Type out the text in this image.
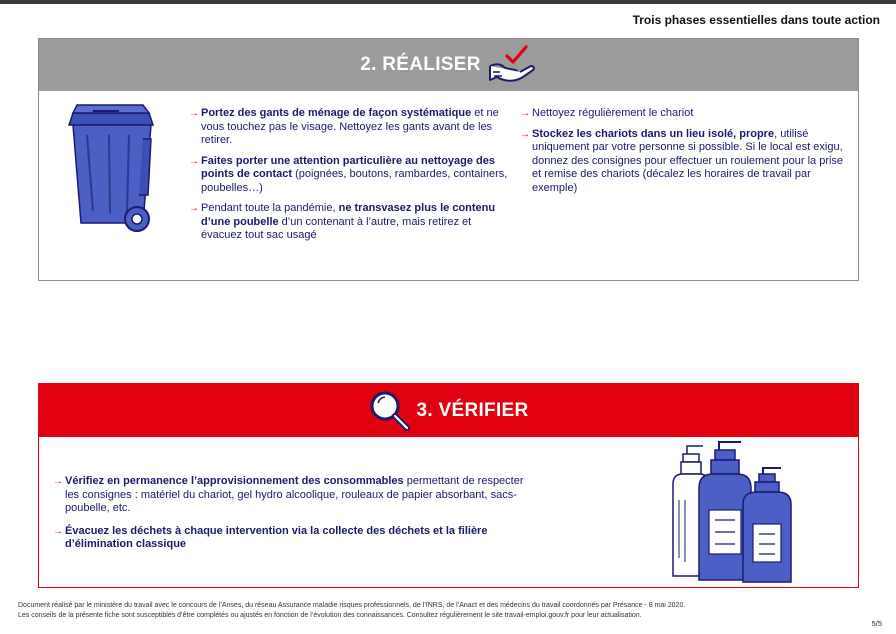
Trois phases essentielles dans toute action
2. RÉALISER
→ Portez des gants de ménage de façon systématique et ne vous touchez pas le visage. Nettoyez les gants avant de les retirer.
→ Faites porter une attention particulière au nettoyage des points de contact (poignées, boutons, rambardes, containers, poubelles…)
→ Pendant toute la pandémie, ne transvasez plus le contenu d’une poubelle d’un contenant à l’autre, mais retirez et évacuez tout sac usagé
→ Nettoyez régulièrement le chariot
→ Stockez les chariots dans un lieu isolé, propre, utilisé uniquement par votre personne si possible. Si le local est exigu, donnez des consignes pour effectuer un roulement pour la prise et remise des chariots (décalez les horaires de travail par exemple)
3. VÉRIFIER
→ Vérifiez en permanence l’approvisionnement des consommables permettant de respecter les consignes : matériel du chariot, gel hydro alcoolique, rouleaux de papier absorbant, sacs-poubelle, etc.
→ Évacuez les déchets à chaque intervention via la collecte des déchets et la filière d’élimination classique
Document réalisé par le ministère du travail avec le concours de l’Anses, du réseau Assurance maladie risques professionnels, de l’INRS, de l’Anact et des médecins du travail coordonnés par Présance - 8 mai 2020.
Les conseils de la présente fiche sont susceptibles d’être complétés ou ajustés en fonction de l’évolution des connaissances. Consultez régulièrement le site travail-emploi.gouv.fr pour leur actualisation.
5/5
